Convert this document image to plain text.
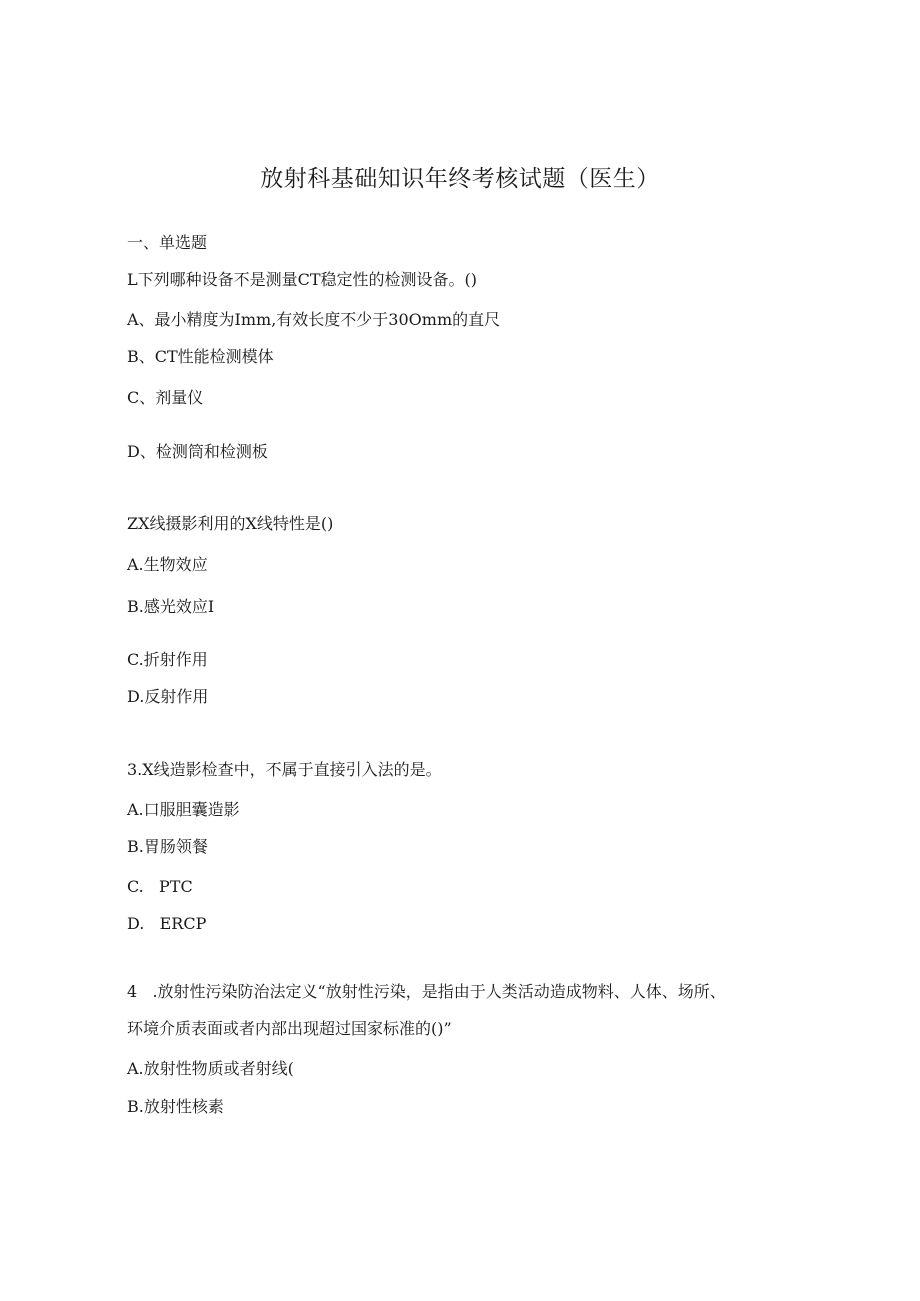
放射科基础知识年终考核试题（医生）
一、单选题
L下列哪种设备不是测量CT稳定性的检测设备。()
A、最小精度为Imm,有效长度不少于30Omm的直尺
B、CT性能检测模体
C、剂量仪
D、检测筒和检测板
ZX线摄影利用的X线特性是()
A.生物效应
B.感光效应I
C.折射作用
D.反射作用
3.X线造影检查中，不属于直接引入法的是。
A.口服胆囊造影
B.胃肠领餐
C.   PTC
D.   ERCP
4   .放射性污染防治法定义“放射性污染，是指由于人类活动造成物料、人体、场所、
环境介质表面或者内部出现超过国家标准的()”
A.放射性物质或者射线(
B.放射性核素
